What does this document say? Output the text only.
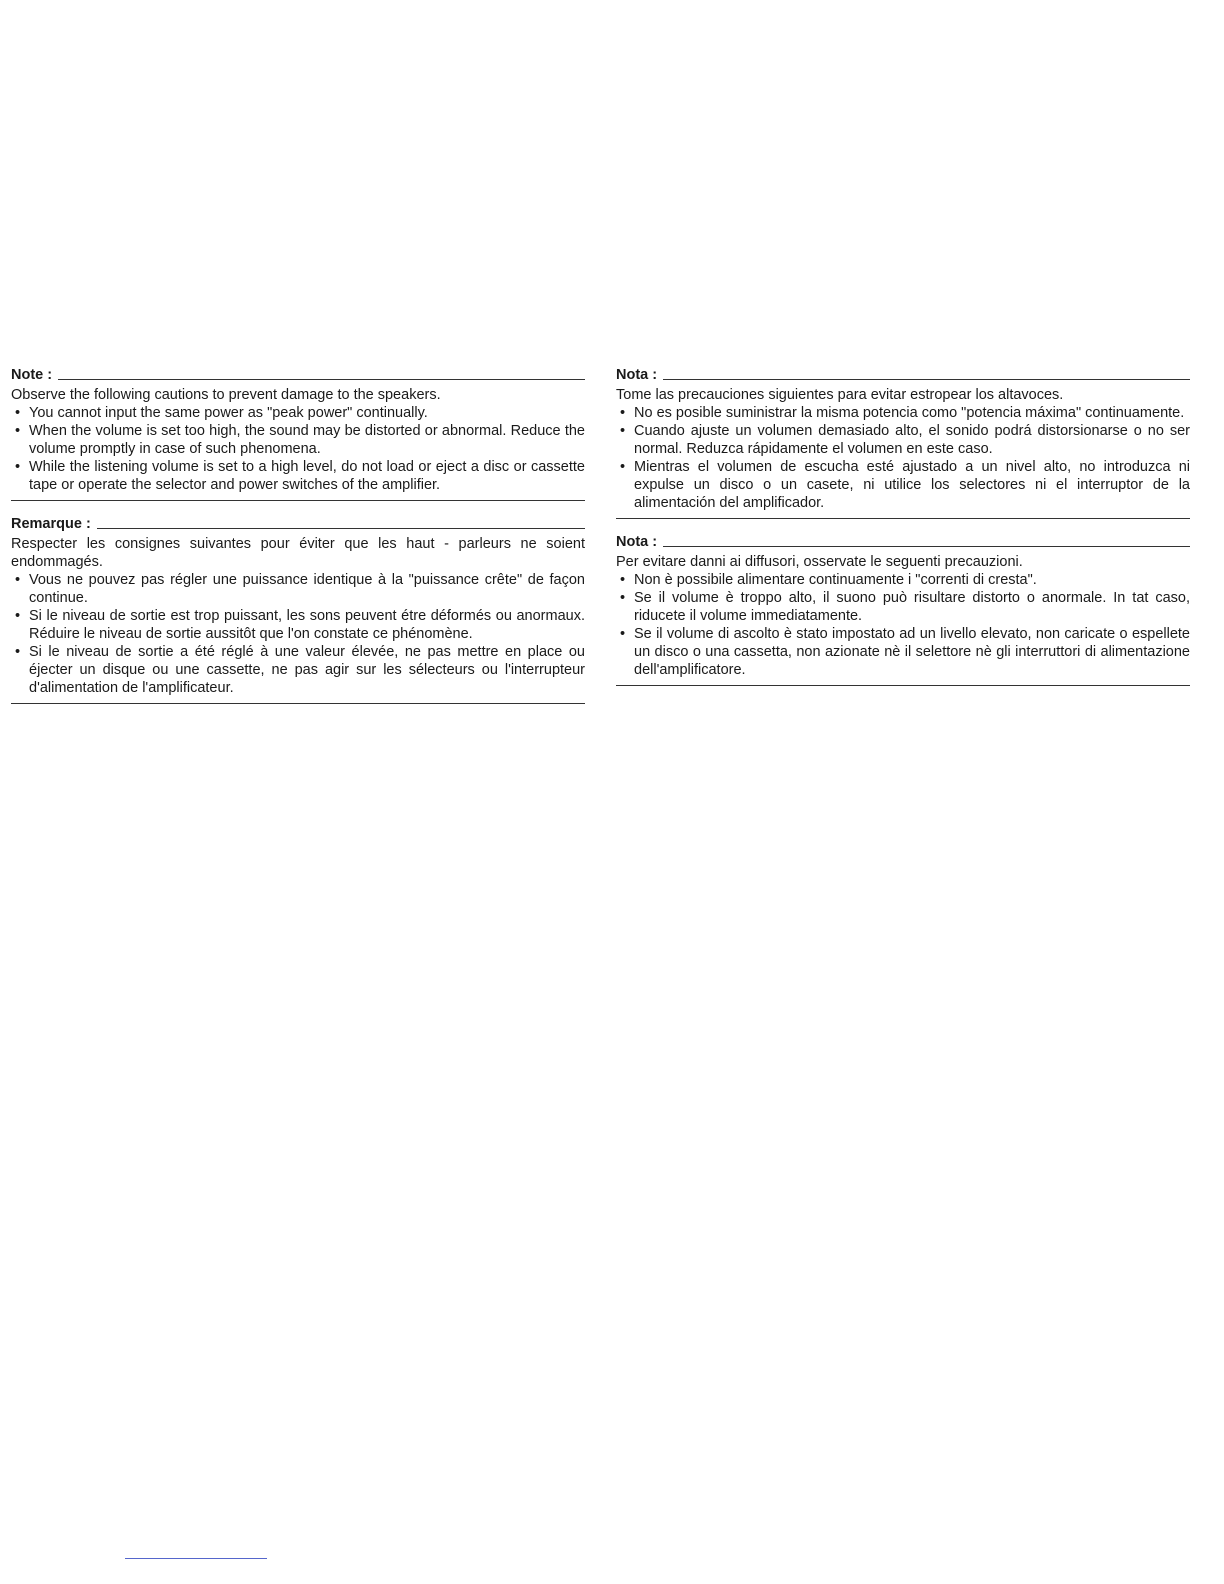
Note :

Observe the following cautions to prevent damage to the speakers.

• You cannot input the same power as "peak power" continually.
• When the volume is set too high, the sound may be distorted or abnormal. Reduce the volume promptly in case of such phenomena.
• While the listening volume is set to a high level, do not load or eject a disc or cassette tape or operate the selector and power switches of the amplifier.
Remarque :

Respecter les consignes suivantes pour éviter que les haut - parleurs ne soient endommagés.

• Vous ne pouvez pas régler une puissance identique à la "puissance crête" de façon continue.
• Si le niveau de sortie est trop puissant, les sons peuvent étre déformés ou anormaux. Réduire le niveau de sortie aussitôt que l'on constate ce phénomène.
• Si le niveau de sortie a été réglé à une valeur élevée, ne pas mettre en place ou éjecter un disque ou une cassette, ne pas agir sur les sélecteurs ou l'interrupteur d'alimentation de l'amplificateur.
Nota :

Tome las precauciones siguientes para evitar estropear los altavoces.

• No es posible suministrar la misma potencia como "potencia máxima" continuamente.
• Cuando ajuste un volumen demasiado alto, el sonido podrá distorsionarse o no ser normal. Reduzca rápidamente el volumen en este caso.
• Mientras el volumen de escucha esté ajustado a un nivel alto, no introduzca ni expulse un disco o un casete, ni utilice los selectores ni el interruptor de la alimentación del amplificador.
Nota :

Per evitare danni ai diffusori, osservate le seguenti precauzioni.

• Non è possibile alimentare continuamente i "correnti di cresta".
• Se il volume è troppo alto, il suono può risultare distorto o anormale. In tat caso, riducete il volume immediatamente.
• Se il volume di ascolto è stato impostato ad un livello elevato, non caricate o espellete un disco o una cassetta, non azionate nè il selettore nè gli interruttori di alimentazione dell'amplificatore.
